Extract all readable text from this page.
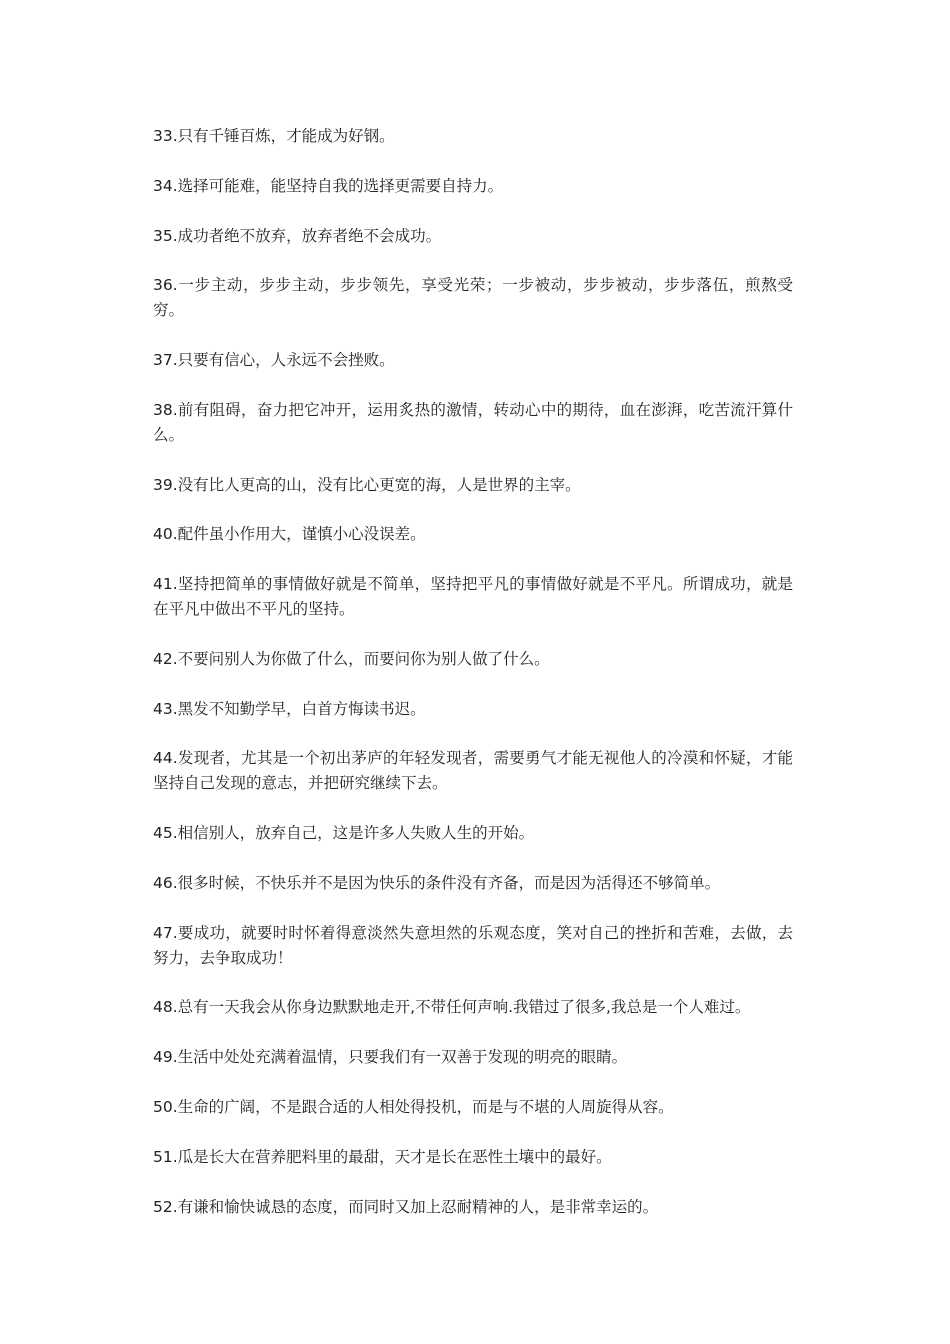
33.只有千锤百炼，才能成为好钢。

34.选择可能难，能坚持自我的选择更需要自持力。

35.成功者绝不放弃，放弃者绝不会成功。

36.一步主动，步步主动，步步领先，享受光荣；一步被动，步步被动，步步落伍，煎熬受穷。

37.只要有信心，人永远不会挫败。

38.前有阻碍，奋力把它冲开，运用炙热的激情，转动心中的期待，血在澎湃，吃苦流汗算什么。

39.没有比人更高的山，没有比心更宽的海，人是世界的主宰。

40.配件虽小作用大，谨慎小心没误差。

41.坚持把简单的事情做好就是不简单，坚持把平凡的事情做好就是不平凡。所谓成功，就是在平凡中做出不平凡的坚持。

42.不要问别人为你做了什么，而要问你为别人做了什么。

43.黑发不知勤学早，白首方悔读书迟。

44.发现者，尤其是一个初出茅庐的年轻发现者，需要勇气才能无视他人的冷漠和怀疑，才能坚持自己发现的意志，并把研究继续下去。

45.相信别人，放弃自己，这是许多人失败人生的开始。

46.很多时候，不快乐并不是因为快乐的条件没有齐备，而是因为活得还不够简单。

47.要成功，就要时时怀着得意淡然失意坦然的乐观态度，笑对自己的挫折和苦难，去做，去努力，去争取成功！

48.总有一天我会从你身边默默地走开,不带任何声响.我错过了很多,我总是一个人难过。

49.生活中处处充满着温情，只要我们有一双善于发现的明亮的眼睛。

50.生命的广阔，不是跟合适的人相处得投机，而是与不堪的人周旋得从容。

51.瓜是长大在营养肥料里的最甜，天才是长在恶性土壤中的最好。

52.有谦和愉快诚恳的态度，而同时又加上忍耐精神的人，是非常幸运的。
